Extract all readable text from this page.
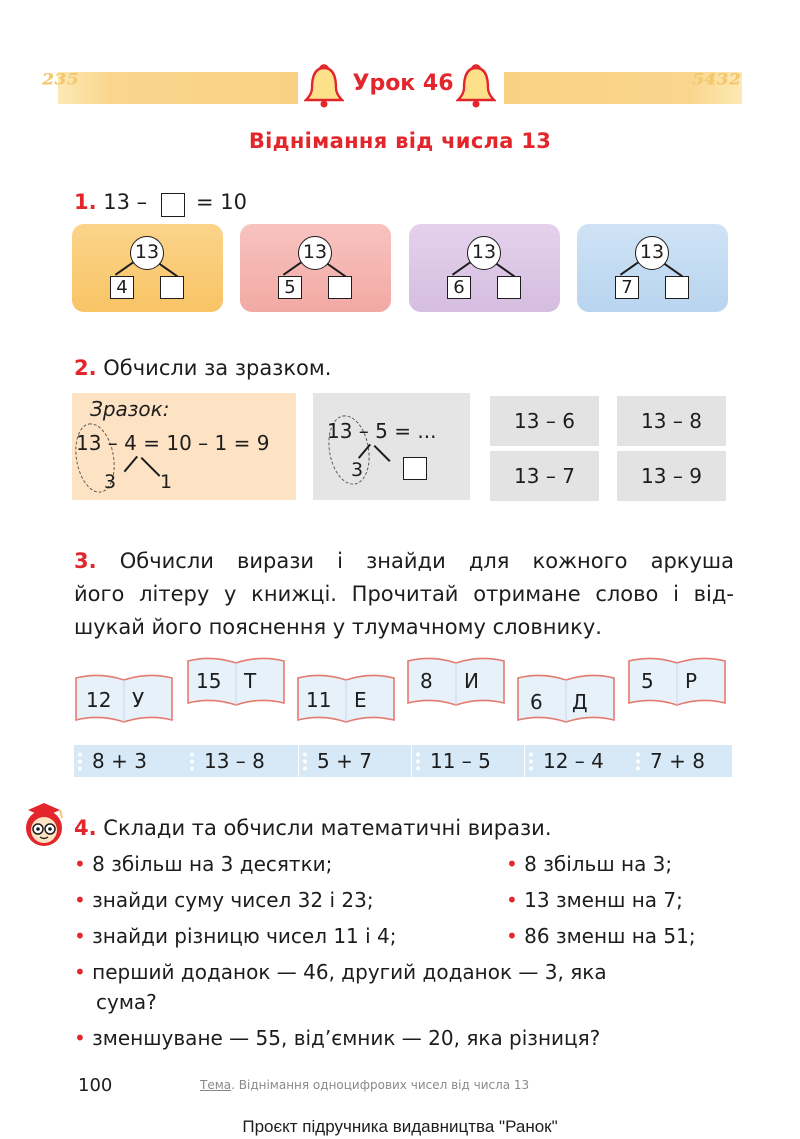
²³⁵	⁵⁴³²
Урок 46
Віднімання від числа 13
1. 13 – = 10
13
4
13
5
13
6
13
7
2. Обчисли за зразком.
Зразок:
13 – 4 = 10 – 1 = 9
3 1
13 – 5 = ...
3
13 – 6	13 – 8
13 – 7	13 – 9
3. Обчисли вирази і знайди для кожного аркуша
його літеру у книжці. Прочитай отримане слово і від-
шукай його пояснення у тлумачному словнику.
12 У
15 Т
11 Е
8 И
6 Д
5 Р
8 + 3	13 – 8	5 + 7	11 – 5	12 – 4	7 + 8
4. Склади та обчисли математичні вирази.
• 8 збільш на 3 десятки;
• знайди суму чисел 32 і 23;
• знайди різницю чисел 11 і 4;
• 8 збільш на 3;
• 13 зменш на 7;
• 86 зменш на 51;
• перший доданок — 46, другий доданок — 3, яка
сума?
• зменшуване — 55, від’ємник — 20, яка різниця?
100	Тема. Віднімання одноцифрових чисел від числа 13
Проєкт підручника видавництва "Ранок"
